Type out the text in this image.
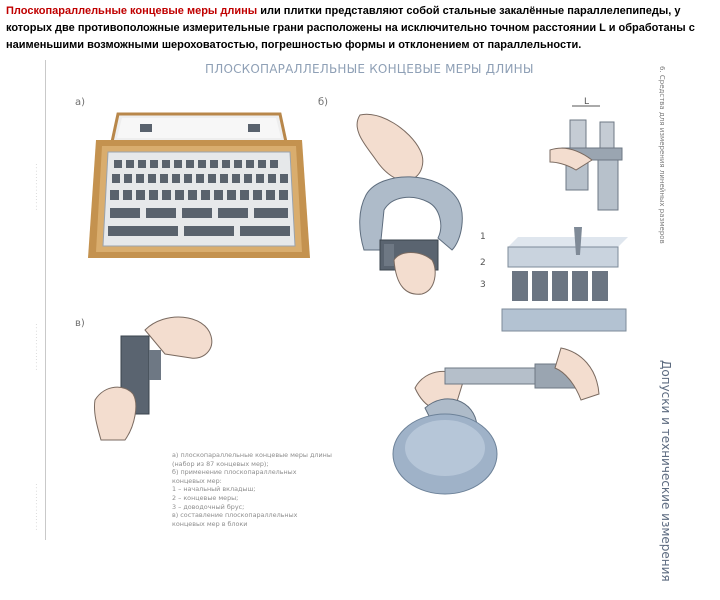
· · · · · · · · · · · · · · ·
· · · · · · · · · · · · · · ·
· · · · · · · · · · · · · · ·
ПЛОСКОПАРАЛЛЕЛЬНЫЕ КОНЦЕВЫЕ МЕРЫ ДЛИНЫ	6. Средства для измерения линейных размеров
Допуски и технические измерения
а)	б)	L
1
2
3
в)
а) плоскопараллельные концевые меры длины
(набор из 87 концевых мер);
б) применение плоскопараллельных
концевых мер:
1 – начальный вкладыш;
2 – концевые меры;
3 – доводочный брус;
в) составление плоскопараллельных
концевых мер в блоки
Плоскопараллельные концевые меры длины или плитки представляют собой стальные закалённые параллелепипеды, у которых две противоположные измерительные грани расположены на исключительно точном расстоянии L и обработаны с наименьшими возможными шероховатостью, погрешностью формы и отклонением от параллельности.
